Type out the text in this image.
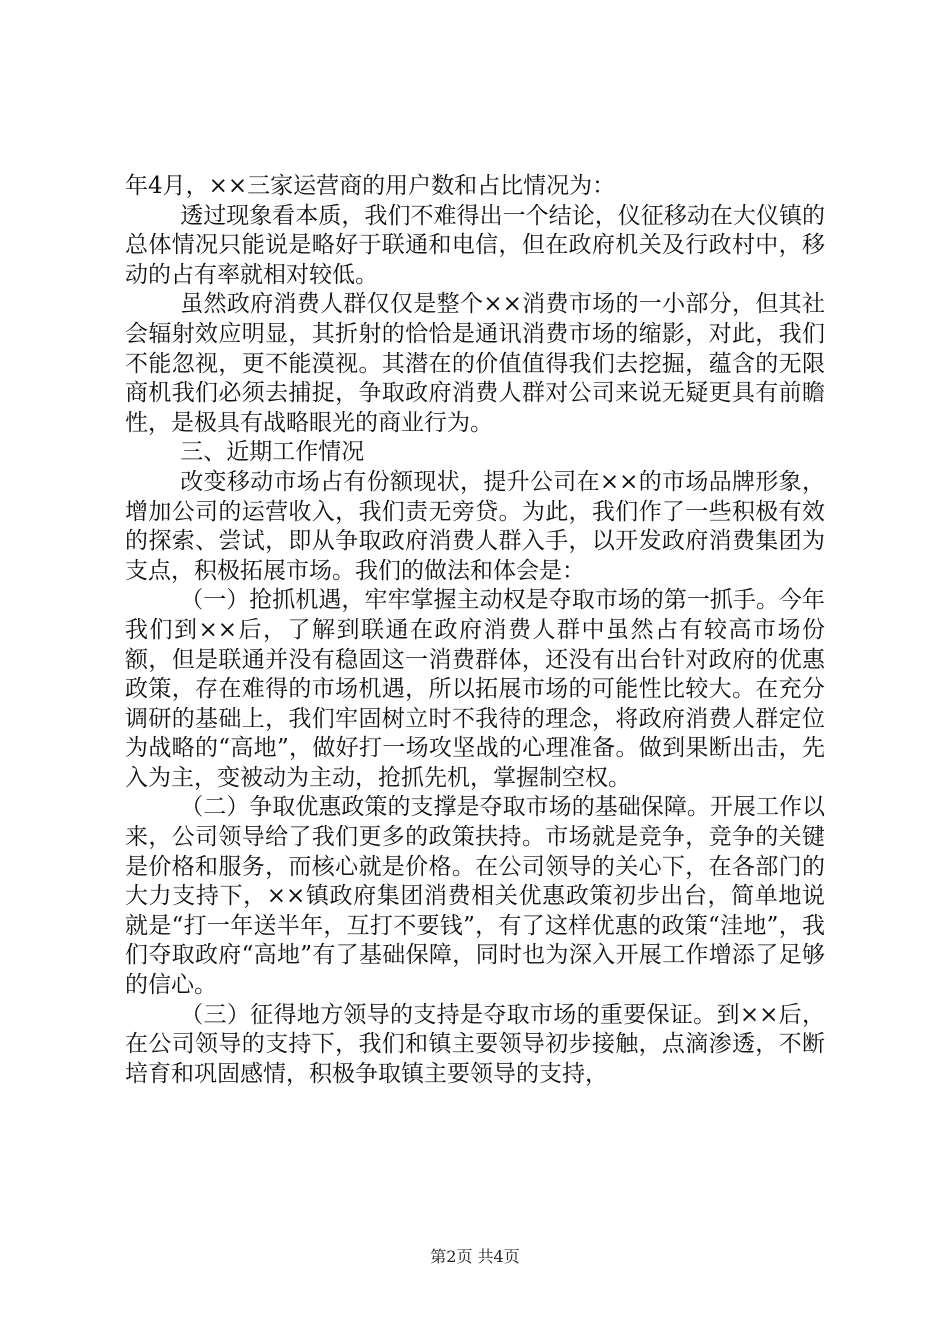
年4月，××三家运营商的用户数和占比情况为：

透过现象看本质，我们不难得出一个结论，仪征移动在大仪镇的总体情况只能说是略好于联通和电信，但在政府机关及行政村中，移动的占有率就相对较低。

虽然政府消费人群仅仅是整个××消费市场的一小部分，但其社会辐射效应明显，其折射的恰恰是通讯消费市场的缩影，对此，我们不能忽视，更不能漠视。其潜在的价值值得我们去挖掘，蕴含的无限商机我们必须去捕捉，争取政府消费人群对公司来说无疑更具有前瞻性，是极具有战略眼光的商业行为。

三、近期工作情况

改变移动市场占有份额现状，提升公司在××的市场品牌形象，增加公司的运营收入，我们责无旁贷。为此，我们作了一些积极有效的探索、尝试，即从争取政府消费人群入手，以开发政府消费集团为支点，积极拓展市场。我们的做法和体会是：

（一）抢抓机遇，牢牢掌握主动权是夺取市场的第一抓手。今年我们到××后，了解到联通在政府消费人群中虽然占有较高市场份额，但是联通并没有稳固这一消费群体，还没有出台针对政府的优惠政策，存在难得的市场机遇，所以拓展市场的可能性比较大。在充分调研的基础上，我们牢固树立时不我待的理念，将政府消费人群定位为战略的“高地”，做好打一场攻坚战的心理准备。做到果断出击，先入为主，变被动为主动，抢抓先机，掌握制空权。

（二）争取优惠政策的支撑是夺取市场的基础保障。开展工作以来，公司领导给了我们更多的政策扶持。市场就是竞争，竞争的关键是价格和服务，而核心就是价格。在公司领导的关心下，在各部门的大力支持下，××镇政府集团消费相关优惠政策初步出台，简单地说就是“打一年送半年，互打不要钱”，有了这样优惠的政策“洼地”，我们夺取政府“高地”有了基础保障，同时也为深入开展工作增添了足够的信心。

（三）征得地方领导的支持是夺取市场的重要保证。到××后，在公司领导的支持下，我们和镇主要领导初步接触，点滴渗透，不断培育和巩固感情，积极争取镇主要领导的支持，

第2页 共4页
